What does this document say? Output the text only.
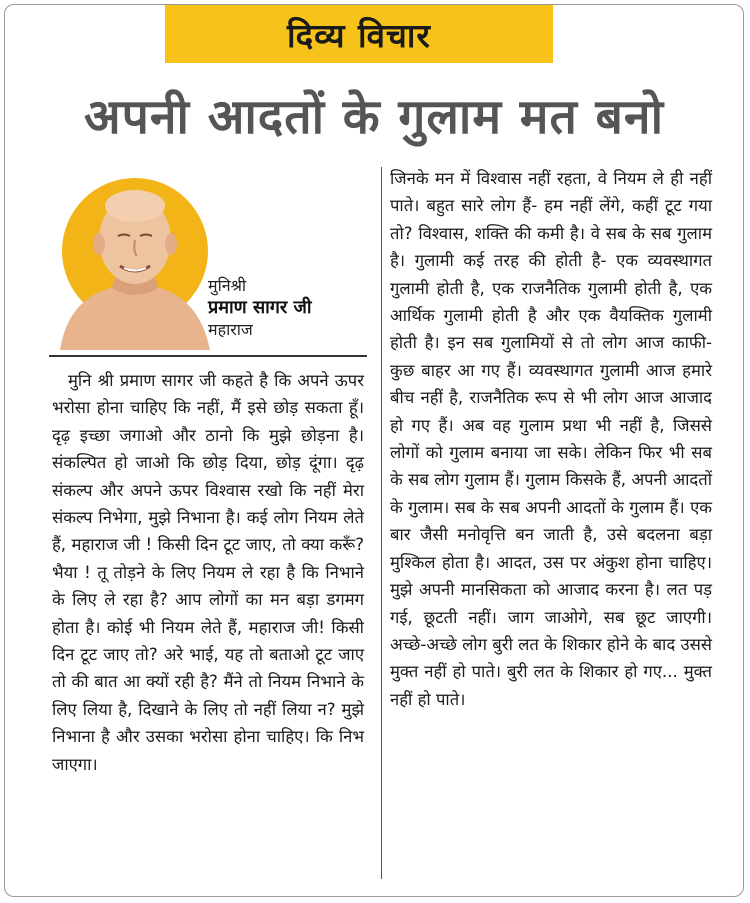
दिव्य विचार
अपनी आदतों के गुलाम मत बनो
मुनिश्री
प्रमाण सागर जी
महाराज
मुनि श्री प्रमाण सागर जी कहते है कि अपने ऊपर भरोसा होना चाहिए कि नहीं, मैं इसे छोड़ सकता हूँ। दृढ़ इच्छा जगाओ और ठानो कि मुझे छोड़ना है। संकल्पित हो जाओ कि छोड़ दिया, छोड़ दूंगा। दृढ़ संकल्प और अपने ऊपर विश्वास रखो कि नहीं मेरा संकल्प निभेगा, मुझे निभाना है। कई लोग नियम लेते हैं, महाराज जी ! किसी दिन टूट जाए, तो क्या करूँ? भैया ! तू तोड़ने के लिए नियम ले रहा है कि निभाने के लिए ले रहा है? आप लोगों का मन बड़ा डगमग होता है। कोई भी नियम लेते हैं, महाराज जी! किसी दिन टूट जाए तो? अरे भाई, यह तो बताओ टूट जाए तो की बात आ क्यों रही है? मैंने तो नियम निभाने के लिए लिया है, दिखाने के लिए तो नहीं लिया न? मुझे निभाना है और उसका भरोसा होना चाहिए। कि निभ जाएगा।
जिनके मन में विश्वास नहीं रहता, वे नियम ले ही नहीं पाते। बहुत सारे लोग हैं- हम नहीं लेंगे, कहीं टूट गया तो? विश्वास, शक्ति की कमी है। वे सब के सब गुलाम है। गुलामी कई तरह की होती है- एक व्यवस्थागत गुलामी होती है, एक राजनैतिक गुलामी होती है, एक आर्थिक गुलामी होती है और एक वैयक्तिक गुलामी होती है। इन सब गुलामियों से तो लोग आज काफी-कुछ बाहर आ गए हैं। व्यवस्थागत गुलामी आज हमारे बीच नहीं है, राजनैतिक रूप से भी लोग आज आजाद हो गए हैं। अब वह गुलाम प्रथा भी नहीं है, जिससे लोगों को गुलाम बनाया जा सके। लेकिन फिर भी सब के सब लोग गुलाम हैं। गुलाम किसके हैं, अपनी आदतों के गुलाम। सब के सब अपनी आदतों के गुलाम हैं। एक बार जैसी मनोवृत्ति बन जाती है, उसे बदलना बड़ा मुश्किल होता है। आदत, उस पर अंकुश होना चाहिए। मुझे अपनी मानसिकता को आजाद करना है। लत पड़ गई, छूटती नहीं। जाग जाओगे, सब छूट जाएगी। अच्छे-अच्छे लोग बुरी लत के शिकार होने के बाद उससे मुक्त नहीं हो पाते। बुरी लत के शिकार हो गए... मुक्त नहीं हो पाते।
